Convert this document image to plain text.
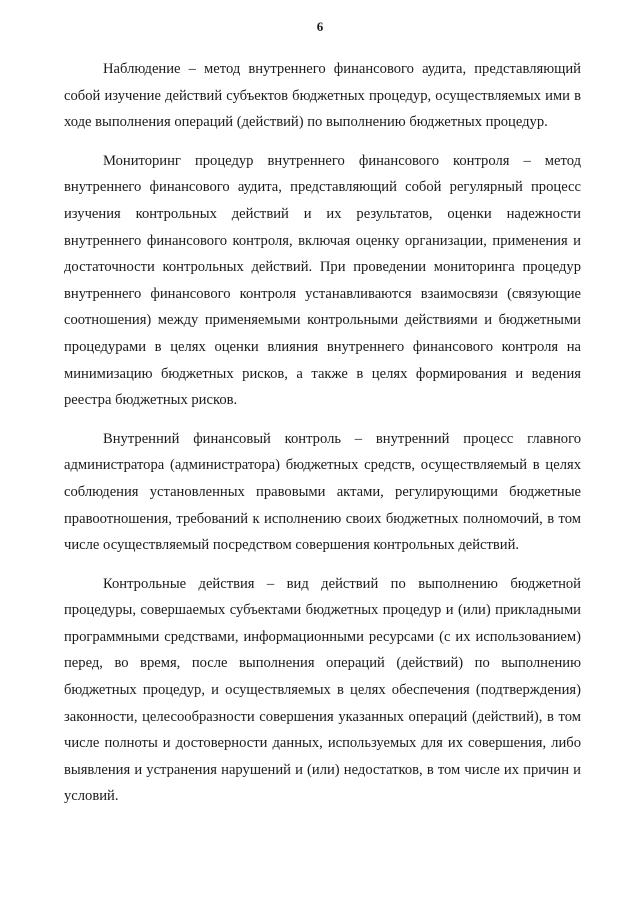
6

Наблюдение – метод внутреннего финансового аудита, представляющий собой изучение действий субъектов бюджетных процедур, осуществляемых ими в ходе выполнения операций (действий) по выполнению бюджетных процедур.

Мониторинг процедур внутреннего финансового контроля – метод внутреннего финансового аудита, представляющий собой регулярный процесс изучения контрольных действий и их результатов, оценки надежности внутреннего финансового контроля, включая оценку организации, применения и достаточности контрольных действий. При проведении мониторинга процедур внутреннего финансового контроля устанавливаются взаимосвязи (связующие соотношения) между применяемыми контрольными действиями и бюджетными процедурами в целях оценки влияния внутреннего финансового контроля на минимизацию бюджетных рисков, а также в целях формирования и ведения реестра бюджетных рисков.

Внутренний финансовый контроль – внутренний процесс главного администратора (администратора) бюджетных средств, осуществляемый в целях соблюдения установленных правовыми актами, регулирующими бюджетные правоотношения, требований к исполнению своих бюджетных полномочий, в том числе осуществляемый посредством совершения контрольных действий.

Контрольные действия – вид действий по выполнению бюджетной процедуры, совершаемых субъектами бюджетных процедур и (или) прикладными программными средствами, информационными ресурсами (с их использованием) перед, во время, после выполнения операций (действий) по выполнению бюджетных процедур, и осуществляемых в целях обеспечения (подтверждения) законности, целесообразности совершения указанных операций (действий), в том числе полноты и достоверности данных, используемых для их совершения, либо выявления и устранения нарушений и (или) недостатков, в том числе их причин и условий.
